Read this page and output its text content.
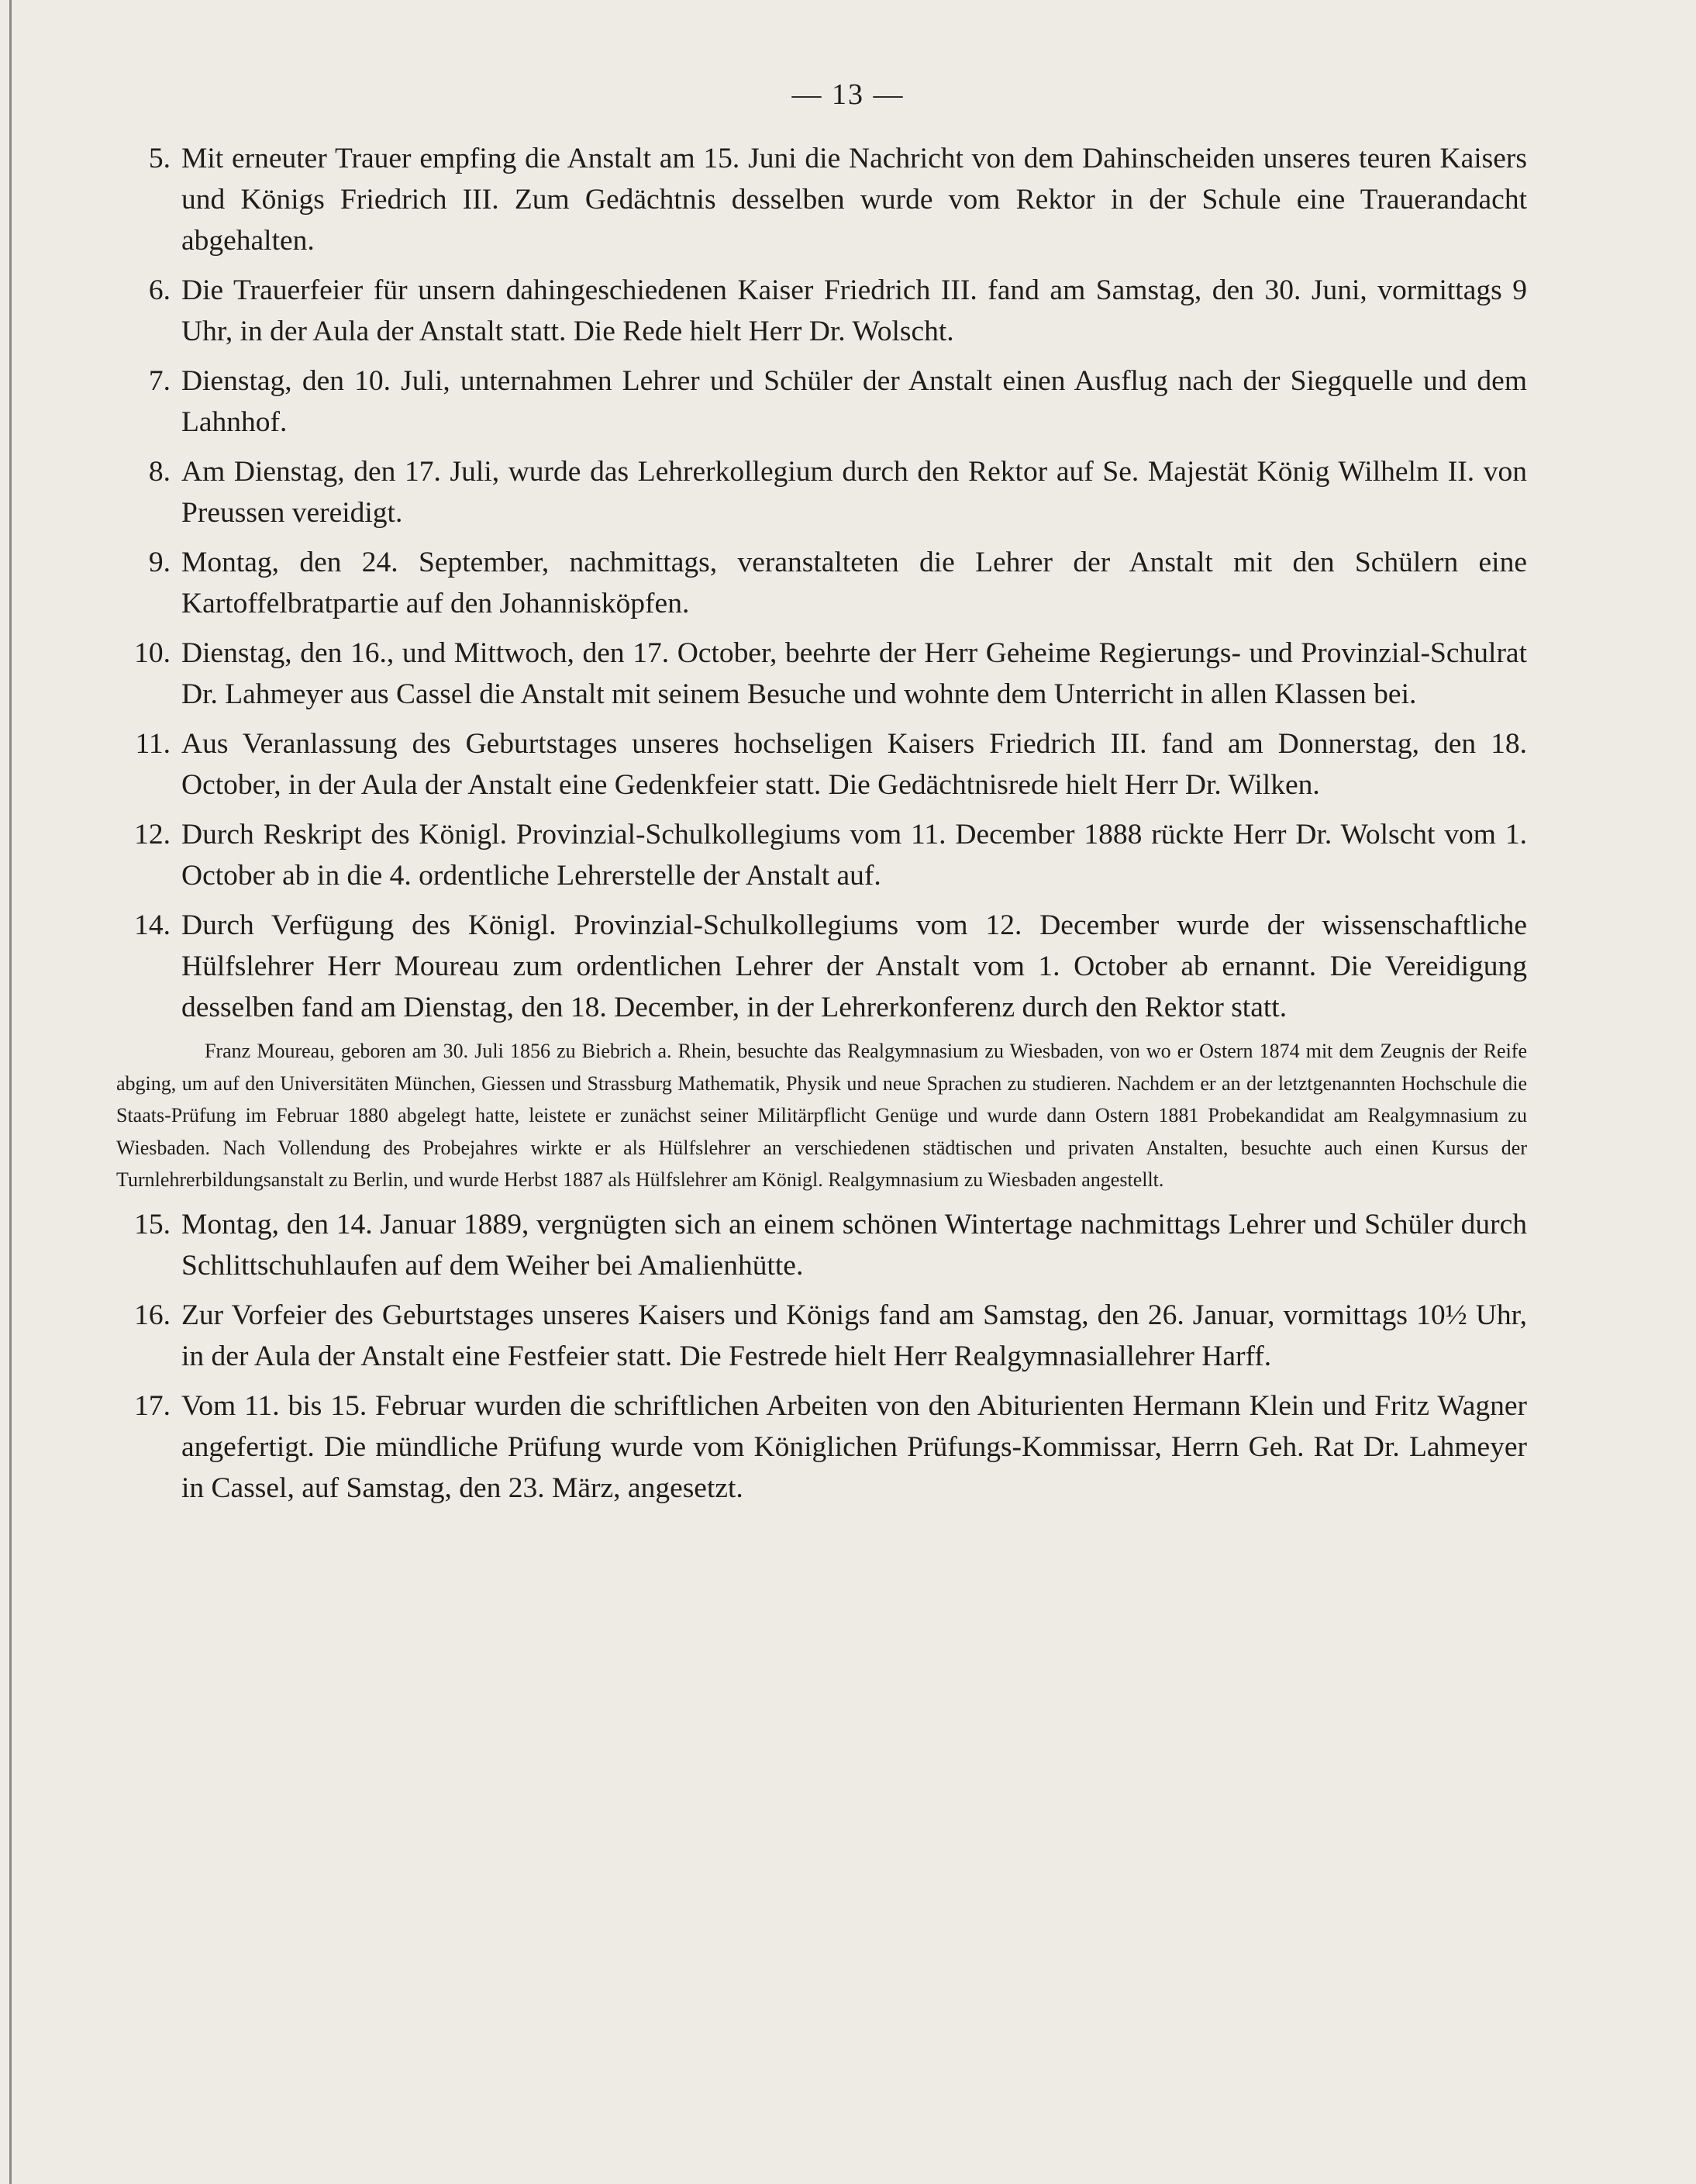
— 13 —
5. Mit erneuter Trauer empfing die Anstalt am 15. Juni die Nachricht von dem Dahinscheiden unseres teuren Kaisers und Königs Friedrich III. Zum Gedächtnis desselben wurde vom Rektor in der Schule eine Trauerandacht abgehalten.
6. Die Trauerfeier für unsern dahingeschiedenen Kaiser Friedrich III. fand am Samstag, den 30. Juni, vormittags 9 Uhr, in der Aula der Anstalt statt. Die Rede hielt Herr Dr. Wolscht.
7. Dienstag, den 10. Juli, unternahmen Lehrer und Schüler der Anstalt einen Ausflug nach der Siegquelle und dem Lahnhof.
8. Am Dienstag, den 17. Juli, wurde das Lehrerkollegium durch den Rektor auf Se. Majestät König Wilhelm II. von Preussen vereidigt.
9. Montag, den 24. September, nachmittags, veranstalteten die Lehrer der Anstalt mit den Schülern eine Kartoffelbratpartie auf den Johanniskӧpfen.
10. Dienstag, den 16., und Mittwoch, den 17. October, beehrte der Herr Geheime Regierungs- und Provinzial-Schulrat Dr. Lahmeyer aus Cassel die Anstalt mit seinem Besuche und wohnte dem Unterricht in allen Klassen bei.
11. Aus Veranlassung des Geburtstages unseres hochseligen Kaisers Friedrich III. fand am Donnerstag, den 18. October, in der Aula der Anstalt eine Gedenkfeier statt. Die Gedächtnisrede hielt Herr Dr. Wilken.
12. Durch Reskript des Königl. Provinzial-Schulkollegiums vom 11. December 1888 rückte Herr Dr. Wolscht vom 1. October ab in die 4. ordentliche Lehrerstelle der Anstalt auf.
14. Durch Verfügung des Königl. Provinzial-Schulkollegiums vom 12. December wurde der wissenschaftliche Hülfslehrer Herr Moureau zum ordentlichen Lehrer der Anstalt vom 1. October ab ernannt. Die Vereidigung desselben fand am Dienstag, den 18. December, in der Lehrerkonferenz durch den Rektor statt.
Franz Moureau, geboren am 30. Juli 1856 zu Biebrich a. Rhein, besuchte das Realgymnasium zu Wiesbaden, von wo er Ostern 1874 mit dem Zeugnis der Reife abging, um auf den Universitäten München, Giessen und Strassburg Mathematik, Physik und neue Sprachen zu studieren. Nachdem er an der letztgenannten Hochschule die Staats-Prüfung im Februar 1880 abgelegt hatte, leistete er zunächst seiner Militärpflicht Genüge und wurde dann Ostern 1881 Probekandidat am Realgymnasium zu Wiesbaden. Nach Vollendung des Probejahres wirkte er als Hülfslehrer an verschiedenen städtischen und privaten Anstalten, besuchte auch einen Kursus der Turnlehrerbildungsanstalt zu Berlin, und wurde Herbst 1887 als Hülfslehrer am Königl. Realgymnasium zu Wiesbaden angestellt.
15. Montag, den 14. Januar 1889, vergnügten sich an einem schönen Wintertage nachmittags Lehrer und Schüler durch Schlittschuhlaufen auf dem Weiher bei Amalienhütte.
16. Zur Vorfeier des Geburtstages unseres Kaisers und Königs fand am Samstag, den 26. Januar, vormittags 10½ Uhr, in der Aula der Anstalt eine Festfeier statt. Die Festrede hielt Herr Realgymnasiallehrer Harff.
17. Vom 11. bis 15. Februar wurden die schriftlichen Arbeiten von den Abiturienten Hermann Klein und Fritz Wagner angefertigt. Die mündliche Prüfung wurde vom Königlichen Prüfungs-Kommissar, Herrn Geh. Rat Dr. Lahmeyer in Cassel, auf Samstag, den 23. März, angesetzt.
